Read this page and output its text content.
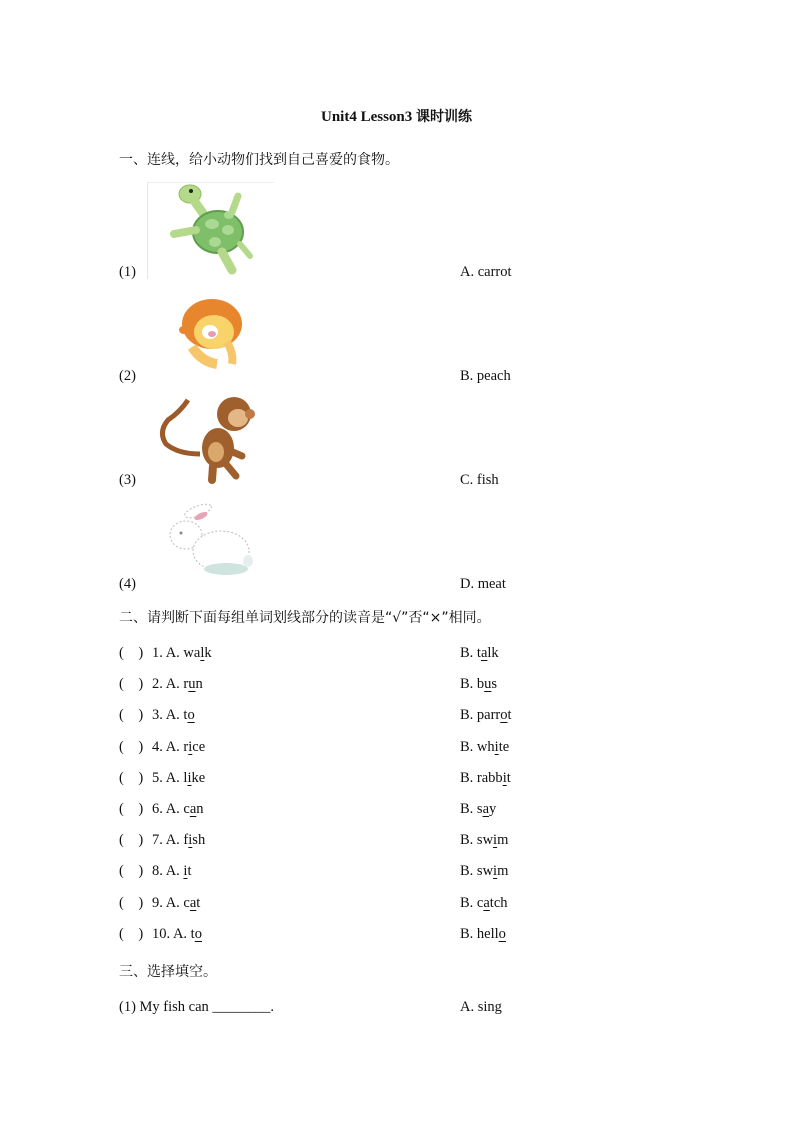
Unit4 Lesson3 课时训练
一、连线，给小动物们找到自己喜爱的食物。
(1)	A. carrot
(2)	B. peach
(3)	C. fish
(4)	D. meat
二、请判断下面每组单词划线部分的读音是“√”否“×”相同。
(    ) 1. A. walk	B. talk
(    ) 2. A. run	B. bus
(    ) 3. A. to	B. parrot
(    ) 4. A. rice	B. white
(    ) 5. A. like	B. rabbit
(    ) 6. A. can	B. say
(    ) 7. A. fish	B. swim
(    ) 8. A. it	B. swim
(    ) 9. A. cat	B. catch
(    ) 10. A. to	B. hello
三、选择填空。
(1) My fish can ________.	A. sing
